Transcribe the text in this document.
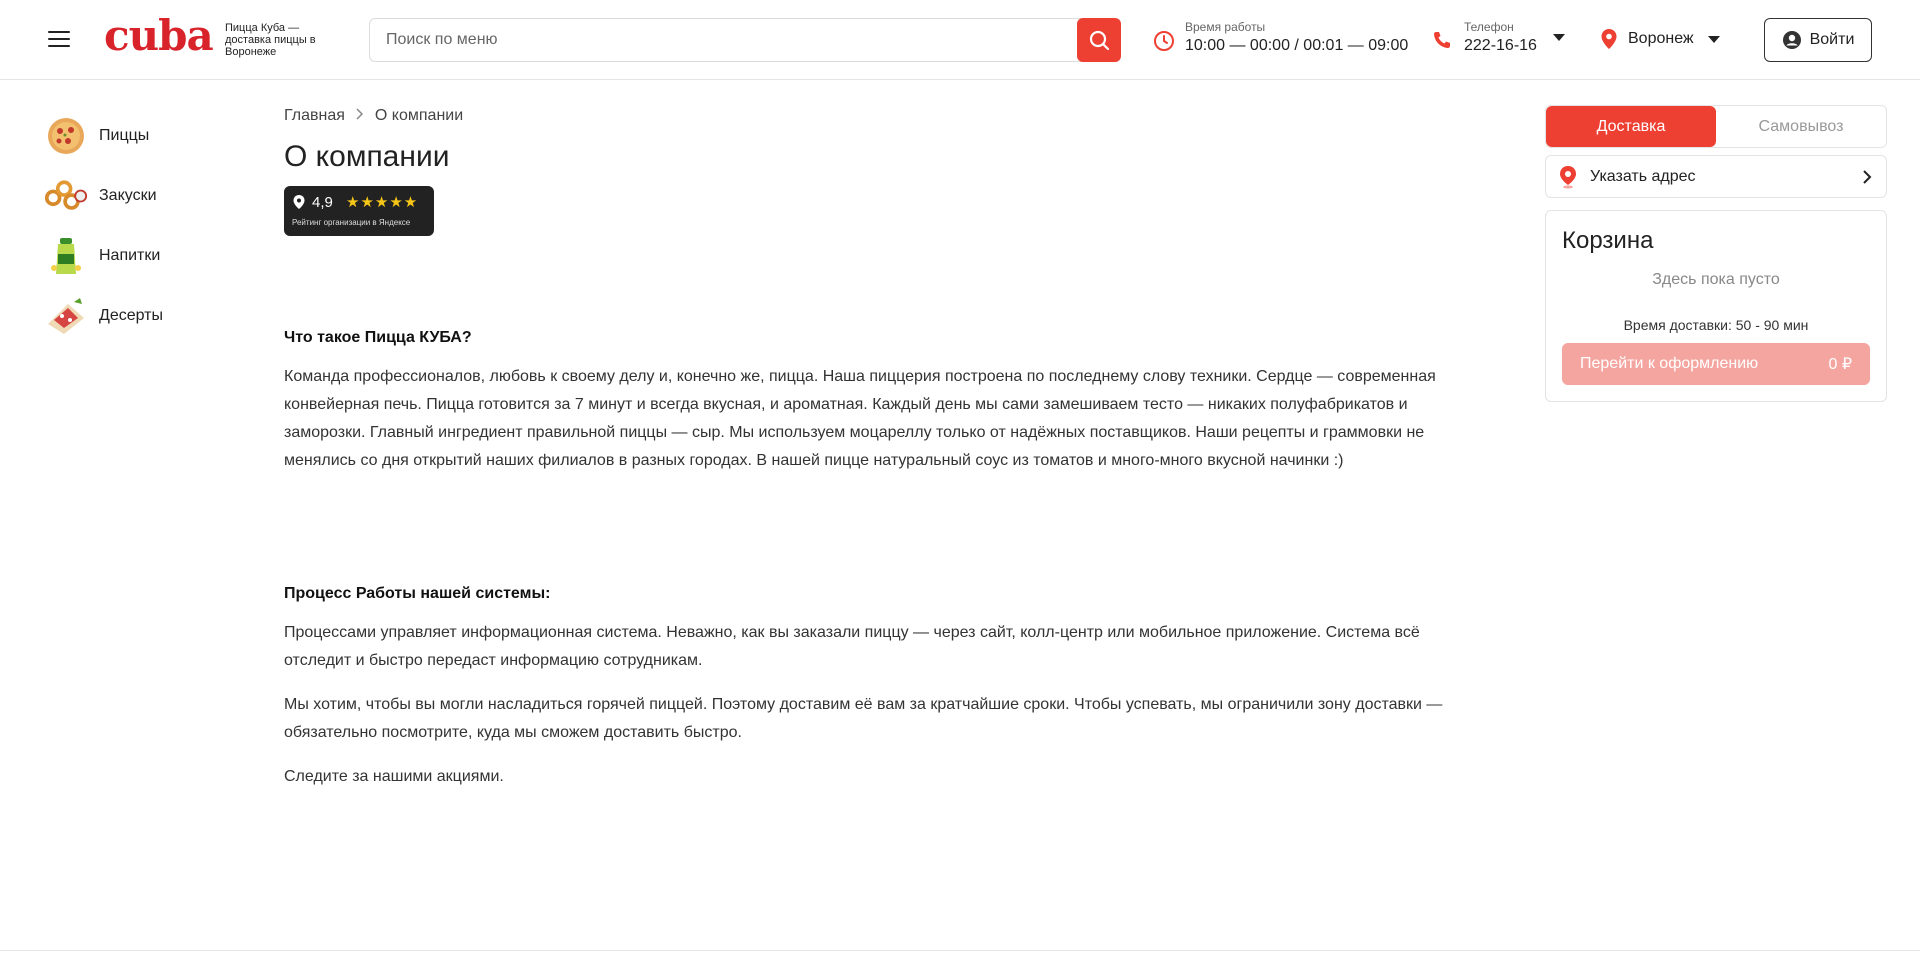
cuba Пицца Куба — доставка пиццы в Воронеже
Поиск по меню
Время работы
10:00 — 00:00 / 00:01 — 09:00
Телефон
222-16-16	Воронеж	Войти
Пиццы
Закуски
Напитки
Десерты
Главная О компании
О компании
4,9 ★★★★★
Рейтинг организации в Яндексе
Что такое Пицца КУБА?

Команда профессионалов, любовь к своему делу и, конечно же, пицца. Наша пиццерия построена по последнему слову техники. Сердце — современная конвейерная печь. Пицца готовится за 7 минут и всегда вкусная, и ароматная. Каждый день мы сами замешиваем тесто — никаких полуфабрикатов и заморозки. Главный ингредиент правильной пиццы — сыр. Мы используем моцареллу только от надёжных поставщиков. Наши рецепты и граммовки не менялись со дня открытий наших филиалов в разных городах. В нашей пицце натуральный соус из томатов и много-много вкусной начинки :)

Процесс Работы нашей системы:

Процессами управляет информационная система. Неважно, как вы заказали пиццу — через сайт, колл-центр или мобильное приложение. Система всё отследит и быстро передаст информацию сотрудникам.

Мы хотим, чтобы вы могли насладиться горячей пиццей. Поэтому доставим её вам за кратчайшие сроки. Чтобы успевать, мы ограничили зону доставки — обязательно посмотрите, куда мы сможем доставить быстро.

Следите за нашими акциями.

Доставка	Самовывоз
Указать адрес
Корзина
Здесь пока пусто
Время доставки: 50 - 90 мин
Перейти к оформлению	0 ₽
